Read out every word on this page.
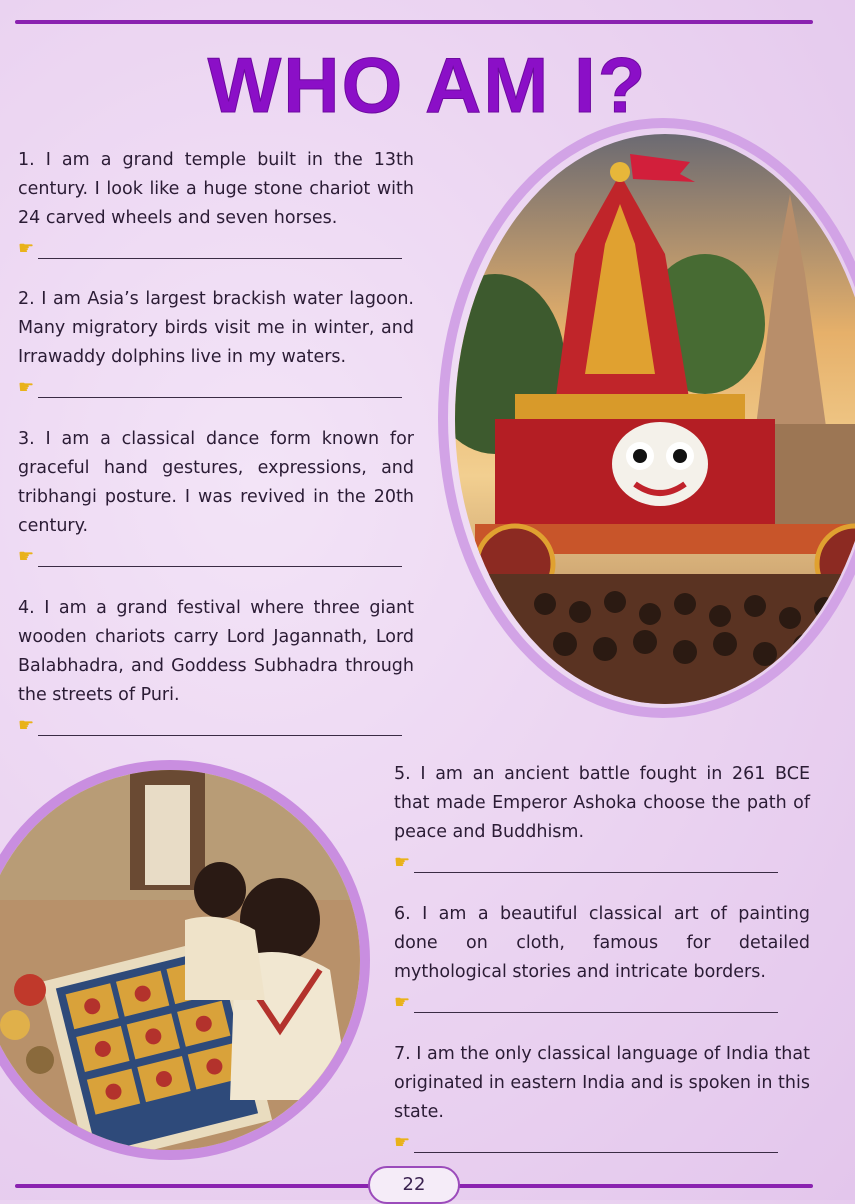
WHO AM I?

1. I am a grand temple built in the 13th century. I look like a huge stone chariot with 24 carved wheels and seven horses.

☛

2. I am Asia’s largest brackish water lagoon. Many migratory birds visit me in winter, and Irrawaddy dolphins live in my waters.

☛

3. I am a classical dance form known for graceful hand gestures, expressions, and tribhangi posture. I was revived in the 20th century.

☛

4. I am a grand festival where three giant wooden chariots carry Lord Jagannath, Lord Balabhadra, and Goddess Subhadra through the streets of Puri.

☛

5. I am an ancient battle fought in 261 BCE that made Emperor Ashoka choose the path of peace and Buddhism.

☛

6. I am a beautiful classical art of painting done on cloth, famous for detailed mythological stories and intricate borders.

☛

7. I am the only classical language of India that originated in eastern India and is spoken in this state.

☛
22
